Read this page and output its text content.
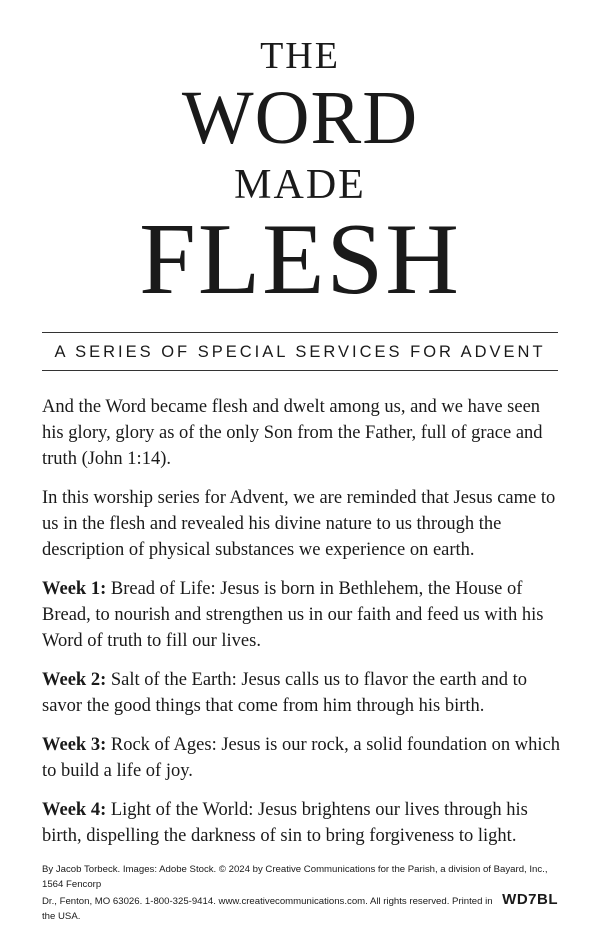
THE
WORD
MADE
FLESH
A SERIES OF SPECIAL SERVICES FOR ADVENT

And the Word became flesh and dwelt among us, and we have seen his glory, glory as of the only Son from the Father, full of grace and truth (John 1:14).

In this worship series for Advent, we are reminded that Jesus came to us in the flesh and revealed his divine nature to us through the description of physical substances we experience on earth.

Week 1: Bread of Life: Jesus is born in Bethlehem, the House of Bread, to nourish and strengthen us in our faith and feed us with his Word of truth to fill our lives.

Week 2: Salt of the Earth: Jesus calls us to flavor the earth and to savor the good things that come from him through his birth.

Week 3: Rock of Ages: Jesus is our rock, a solid foundation on which to build a life of joy.

Week 4: Light of the World: Jesus brightens our lives through his birth, dispelling the darkness of sin to bring forgiveness to light.

By Jacob Torbeck. Images: Adobe Stock. © 2024 by Creative Communications for the Parish, a division of Bayard, Inc., 1564 Fencorp
Dr., Fenton, MO 63026. 1-800-325-9414. www.creativecommunications.com. All rights reserved. Printed in the USA.
WD7BL
